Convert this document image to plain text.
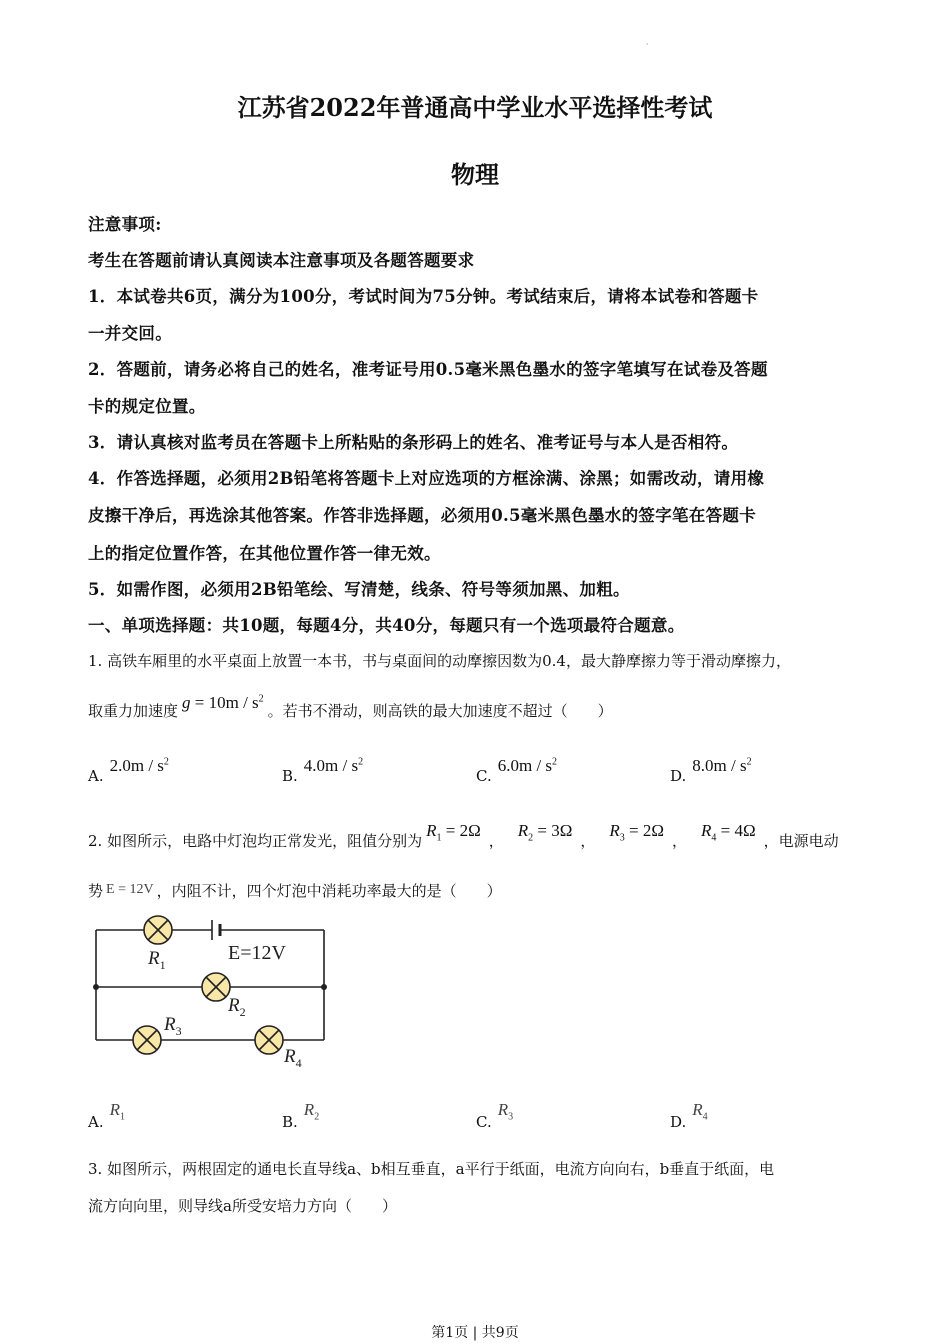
·
江苏省2022年普通高中学业水平选择性考试
物理
注意事项:
考生在答题前请认真阅读本注意事项及各题答题要求
1．本试卷共6页，满分为100分，考试时间为75分钟。考试结束后，请将本试卷和答题卡
一并交回。
2．答题前，请务必将自己的姓名，准考证号用0.5毫米黑色墨水的签字笔填写在试卷及答题
卡的规定位置。
3．请认真核对监考员在答题卡上所粘贴的条形码上的姓名、准考证号与本人是否相符。
4．作答选择题，必须用2B铅笔将答题卡上对应选项的方框涂满、涂黑；如需改动，请用橡
皮擦干净后，再选涂其他答案。作答非选择题，必须用0.5毫米黑色墨水的签字笔在答题卡
上的指定位置作答，在其他位置作答一律无效。
5．如需作图，必须用2B铅笔绘、写清楚，线条、符号等须加黑、加粗。
一、单项选择题：共10题，每题4分，共40分，每题只有一个选项最符合题意。
1. 高铁车厢里的水平桌面上放置一本书，书与桌面间的动摩擦因数为0.4，最大静摩擦力等于滑动摩擦力，
取重力加速度 $g = 10m / s^2$。若书不滑动，则高铁的最大加速度不超过（　　）
$A.2.0m / s^2$
$B.4.0m / s^2$
$C.6.0m / s^2$
$D.8.0m / s^2$
2. 如图所示，电路中灯泡均正常发光，阻值分别为$R_1 = 2\Omega$，$R_2 = 3\Omega$，$R_3 = 2\Omega$，$R_4 = 4\Omega$，电源电动
势 E = 12V ，内阻不计，四个灯泡中消耗功率最大的是（　　）
E=12V
$R_1$
$R_2$
$R_3$
$R_4$
$A.R_1$	$B.R_2$	$C.R_3$	$D.R_4$
3. 如图所示，两根固定的通电长直导线a、b相互垂直，a平行于纸面，电流方向向右，b垂直于纸面，电
流方向向里，则导线a所受安培力方向（　　）
第1页 | 共9页
